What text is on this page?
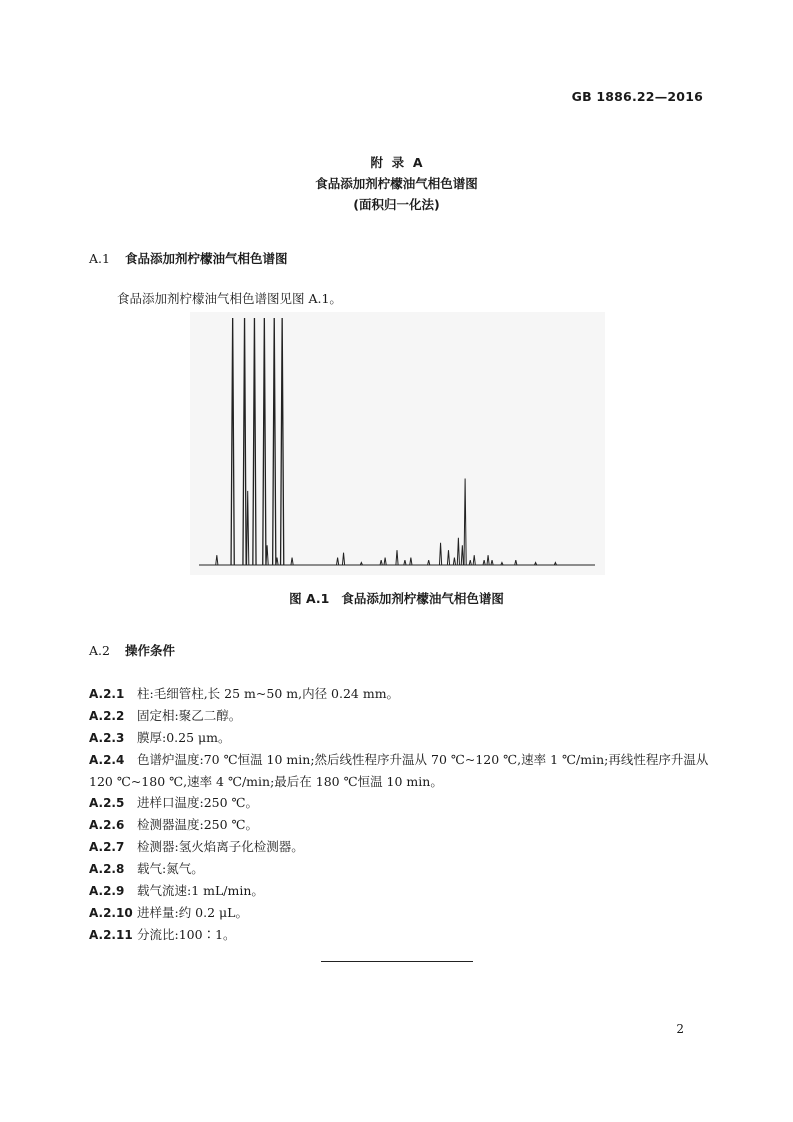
GB 1886.22—2016
附  录  A
食品添加剂柠檬油气相色谱图
(面积归一化法)
A.1 食品添加剂柠檬油气相色谱图
食品添加剂柠檬油气相色谱图见图 A.1。
图 A.1 食品添加剂柠檬油气相色谱图
A.2 操作条件
A.2.1 柱:毛细管柱,长 25 m~50 m,内径 0.24 mm。
A.2.2 固定相:聚乙二醇。
A.2.3 膜厚:0.25 μm。
A.2.4 色谱炉温度:70 ℃恒温 10 min;然后线性程序升温从 70 ℃~120 ℃,速率 1 ℃/min;再线性程序升温从 120 ℃~180 ℃,速率 4 ℃/min;最后在 180 ℃恒温 10 min。
A.2.5 进样口温度:250 ℃。
A.2.6 检测器温度:250 ℃。
A.2.7 检测器:氢火焰离子化检测器。
A.2.8 载气:氮气。
A.2.9 载气流速:1 mL/min。
A.2.10 进样量:约 0.2 μL。
A.2.11 分流比:100∶1。
2
